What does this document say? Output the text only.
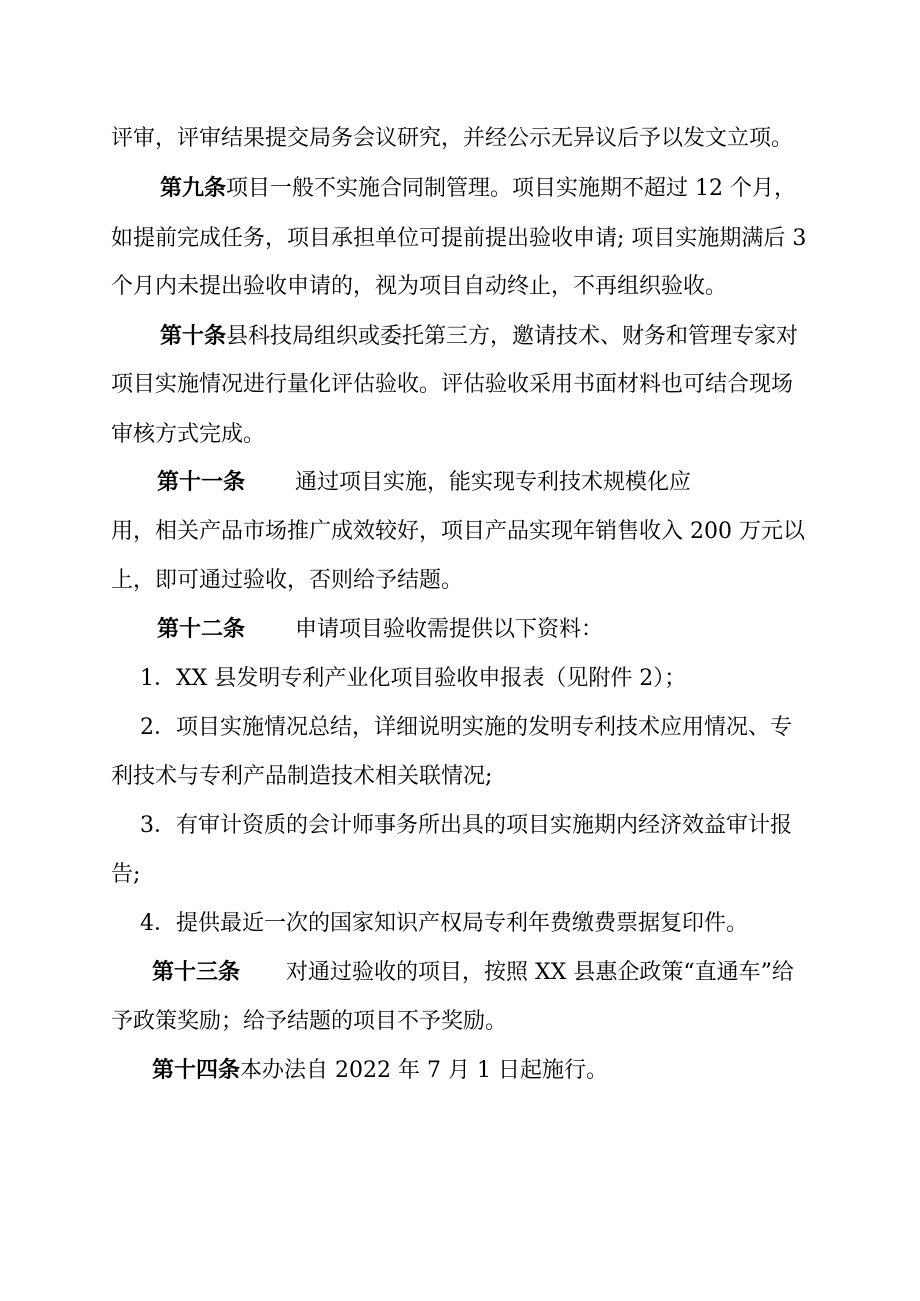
评审，评审结果提交局务会议研究，并经公示无异议后予以发文立项。
第九条项目一般不实施合同制管理。项目实施期不超过 12 个月，
如提前完成任务，项目承担单位可提前提出验收申请; 项目实施期满后 3
个月内未提出验收申请的，视为项目自动终止，不再组织验收。
第十条县科技局组织或委托第三方，邀请技术、财务和管理专家对
项目实施情况进行量化评估验收。评估验收采用书面材料也可结合现场
审核方式完成。
第十一条 通过项目实施，能实现专利技术规模化应
用，相关产品市场推广成效较好，项目产品实现年销售收入 200 万元以
上，即可通过验收，否则给予结题。
第十二条 申请项目验收需提供以下资料：
1．XX 县发明专利产业化项目验收申报表（见附件 2）；
2．项目实施情况总结，详细说明实施的发明专利技术应用情况、专
利技术与专利产品制造技术相关联情况;
3．有审计资质的会计师事务所出具的项目实施期内经济效益审计报
告;
4．提供最近一次的国家知识产权局专利年费缴费票据复印件。
第十三条 对通过验收的项目，按照 XX 县惠企政策“直通车”给
予政策奖励；给予结题的项目不予奖励。
第十四条本办法自 2022 年 7 月 1 日起施行。
